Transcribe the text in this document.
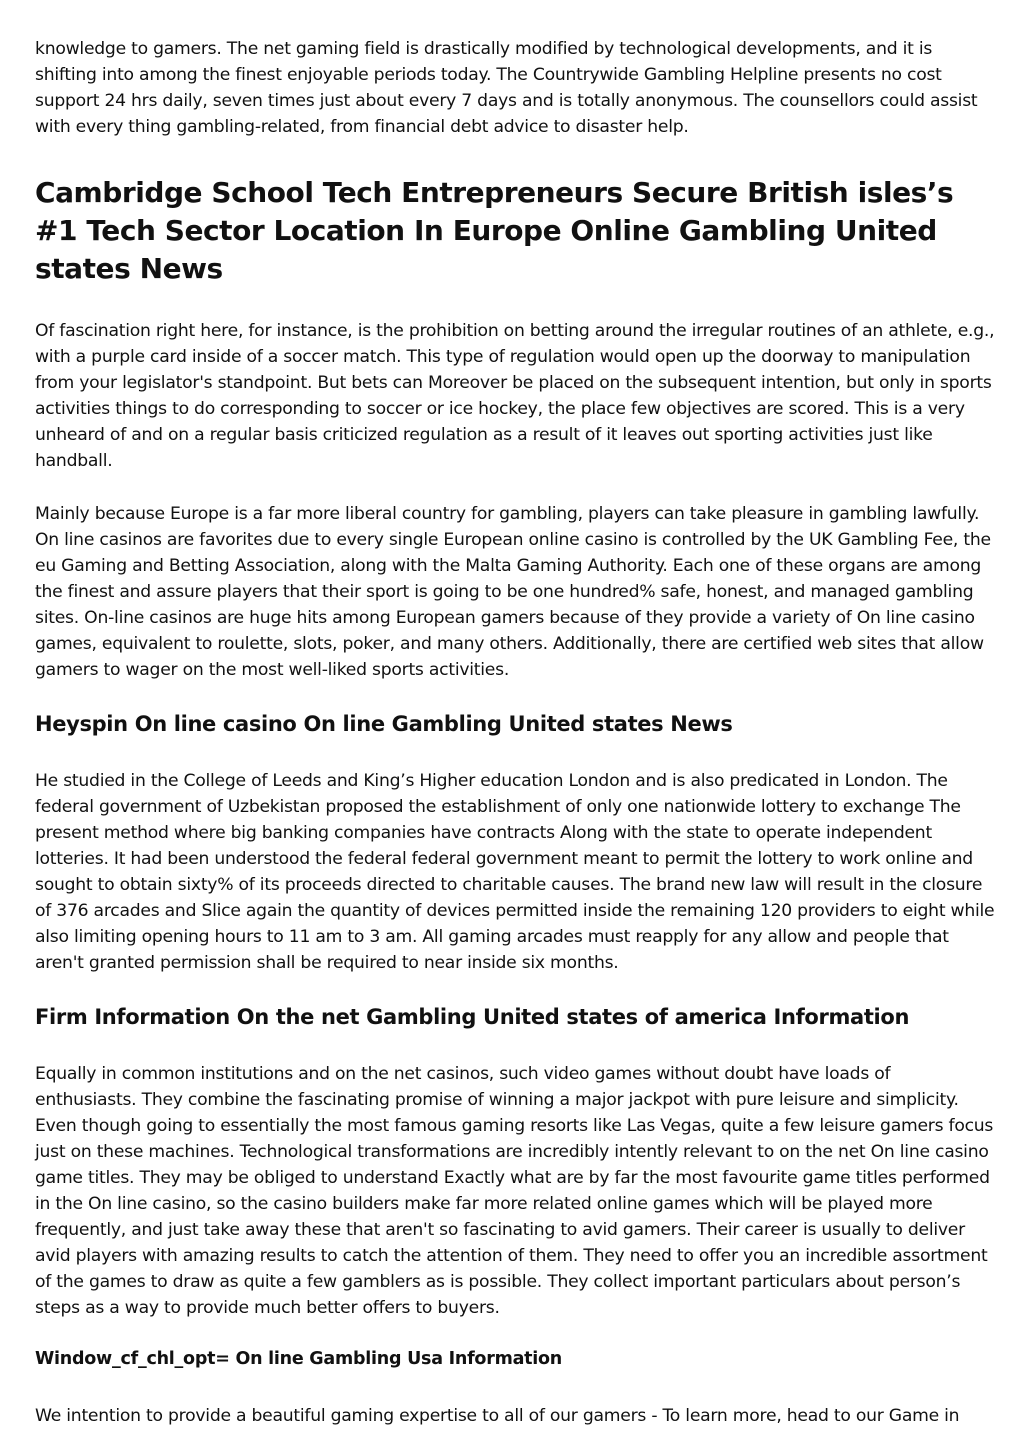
knowledge to gamers. The net gaming field is drastically modified by technological developments, and it is shifting into among the finest enjoyable periods today. The Countrywide Gambling Helpline presents no cost support 24 hrs daily, seven times just about every 7 days and is totally anonymous. The counsellors could assist with every thing gambling-related, from financial debt advice to disaster help.

Cambridge School Tech Entrepreneurs Secure British isles’s #1 Tech Sector Location In Europe Online Gambling United states News

Of fascination right here, for instance, is the prohibition on betting around the irregular routines of an athlete, e.g., with a purple card inside of a soccer match. This type of regulation would open up the doorway to manipulation from your legislator's standpoint. But bets can Moreover be placed on the subsequent intention, but only in sports activities things to do corresponding to soccer or ice hockey, the place few objectives are scored. This is a very unheard of and on a regular basis criticized regulation as a result of it leaves out sporting activities just like handball.

Mainly because Europe is a far more liberal country for gambling, players can take pleasure in gambling lawfully. On line casinos are favorites due to every single European online casino is controlled by the UK Gambling Fee, the eu Gaming and Betting Association, along with the Malta Gaming Authority. Each one of these organs are among the finest and assure players that their sport is going to be one hundred% safe, honest, and managed gambling sites. On-line casinos are huge hits among European gamers because of they provide a variety of On line casino games, equivalent to roulette, slots, poker, and many others. Additionally, there are certified web sites that allow gamers to wager on the most well-liked sports activities.

Heyspin On line casino On line Gambling United states News

He studied in the College of Leeds and King’s Higher education London and is also predicated in London. The federal government of Uzbekistan proposed the establishment of only one nationwide lottery to exchange The present method where big banking companies have contracts Along with the state to operate independent lotteries. It had been understood the federal federal government meant to permit the lottery to work online and sought to obtain sixty% of its proceeds directed to charitable causes. The brand new law will result in the closure of 376 arcades and Slice again the quantity of devices permitted inside the remaining 120 providers to eight while also limiting opening hours to 11 am to 3 am. All gaming arcades must reapply for any allow and people that aren't granted permission shall be required to near inside six months.

Firm Information On the net Gambling United states of america Information

Equally in common institutions and on the net casinos, such video games without doubt have loads of enthusiasts. They combine the fascinating promise of winning a major jackpot with pure leisure and simplicity. Even though going to essentially the most famous gaming resorts like Las Vegas, quite a few leisure gamers focus just on these machines. Technological transformations are incredibly intently relevant to on the net On line casino game titles. They may be obliged to understand Exactly what are by far the most favourite game titles performed in the On line casino, so the casino builders make far more related online games which will be played more frequently, and just take away these that aren't so fascinating to avid gamers. Their career is usually to deliver avid players with amazing results to catch the attention of them. They need to offer you an incredible assortment of the games to draw as quite a few gamblers as is possible. They collect important particulars about person’s steps as a way to provide much better offers to buyers.

Window_cf_chl_opt= On line Gambling Usa Information

We intention to provide a beautiful gaming expertise to all of our gamers - To learn more, head to our Game in
